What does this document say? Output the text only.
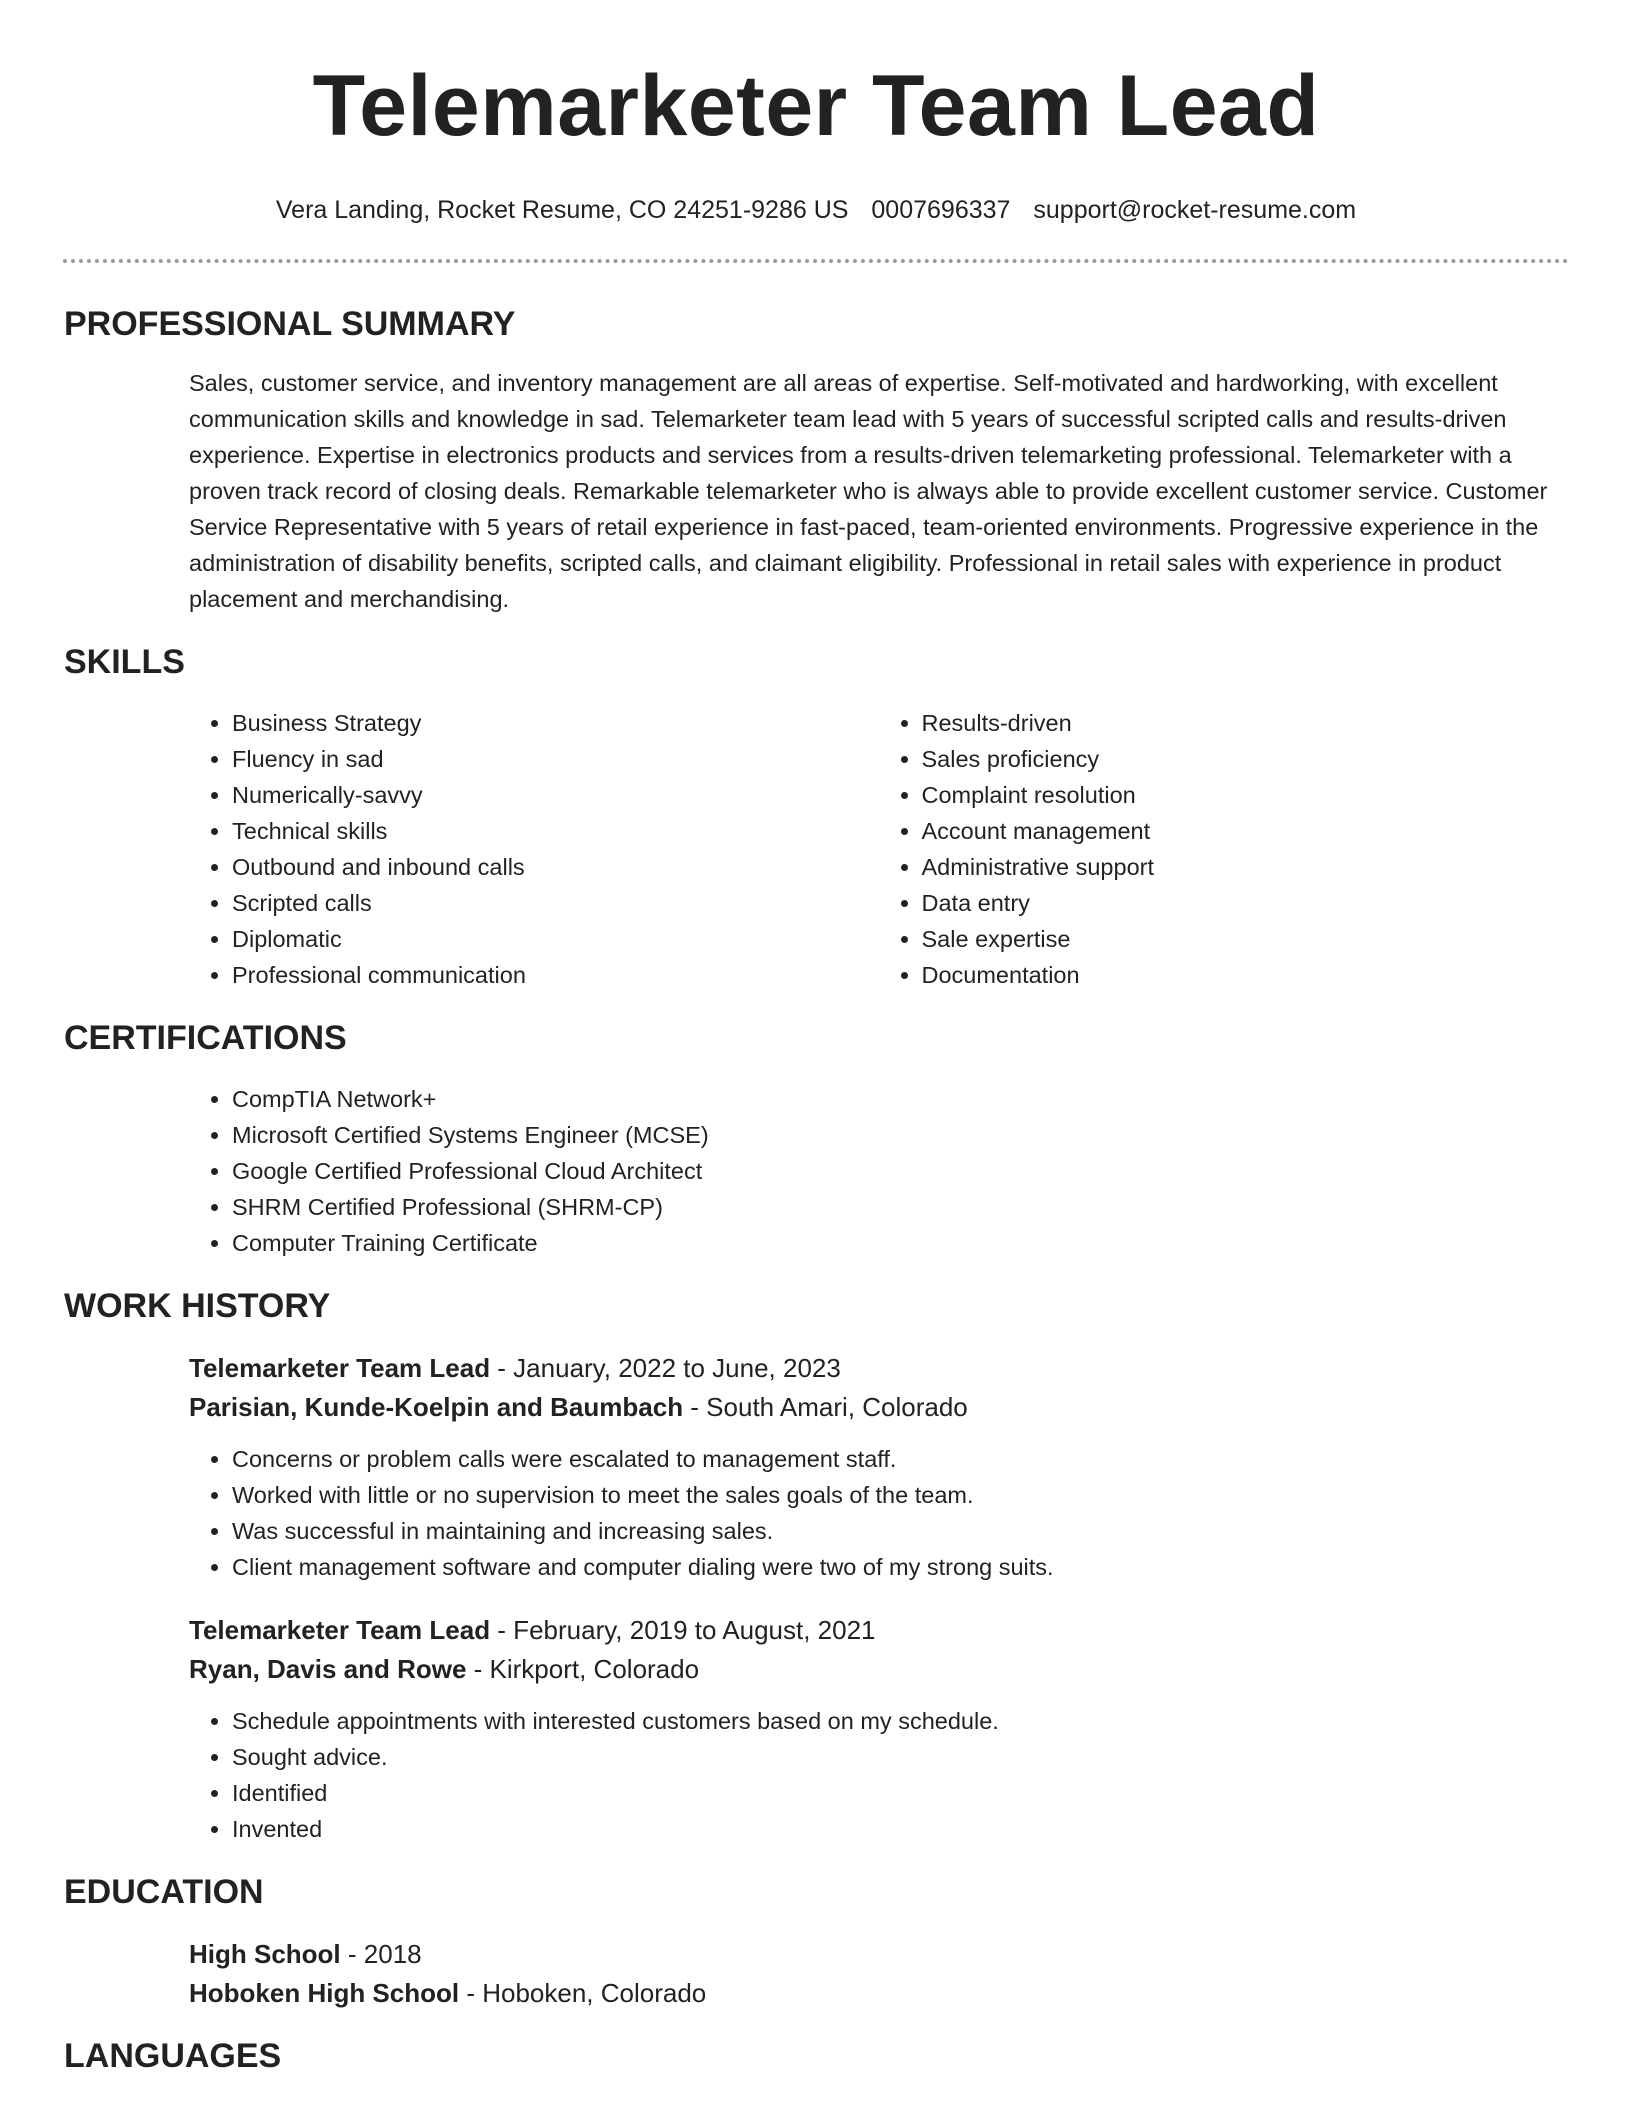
Telemarketer Team Lead
Vera Landing, Rocket Resume, CO 24251-9286 US 0007696337 support@rocket-resume.com
PROFESSIONAL SUMMARY

Sales, customer service, and inventory management are all areas of expertise. Self-motivated and hardworking, with excellent communication skills and knowledge in sad. Telemarketer team lead with 5 years of successful scripted calls and results-driven experience. Expertise in electronics products and services from a results-driven telemarketing professional. Telemarketer with a proven track record of closing deals. Remarkable telemarketer who is always able to provide excellent customer service. Customer Service Representative with 5 years of retail experience in fast-paced, team-oriented environments. Progressive experience in the administration of disability benefits, scripted calls, and claimant eligibility. Professional in retail sales with experience in product placement and merchandising.

SKILLS
• Business Strategy
• Fluency in sad
• Numerically-savvy
• Technical skills
• Outbound and inbound calls
• Scripted calls
• Diplomatic
• Professional communication
• Results-driven
• Sales proficiency
• Complaint resolution
• Account management
• Administrative support
• Data entry
• Sale expertise
• Documentation
CERTIFICATIONS
• CompTIA Network+
• Microsoft Certified Systems Engineer (MCSE)
• Google Certified Professional Cloud Architect
• SHRM Certified Professional (SHRM-CP)
• Computer Training Certificate
WORK HISTORY
Telemarketer Team Lead - January, 2022 to June, 2023
Parisian, Kunde-Koelpin and Baumbach - South Amari, Colorado
• Concerns or problem calls were escalated to management staff.
• Worked with little or no supervision to meet the sales goals of the team.
• Was successful in maintaining and increasing sales.
• Client management software and computer dialing were two of my strong suits.
Telemarketer Team Lead - February, 2019 to August, 2021
Ryan, Davis and Rowe - Kirkport, Colorado
• Schedule appointments with interested customers based on my schedule.
• Sought advice.
• Identified
• Invented
EDUCATION
High School - 2018
Hoboken High School - Hoboken, Colorado
LANGUAGES
